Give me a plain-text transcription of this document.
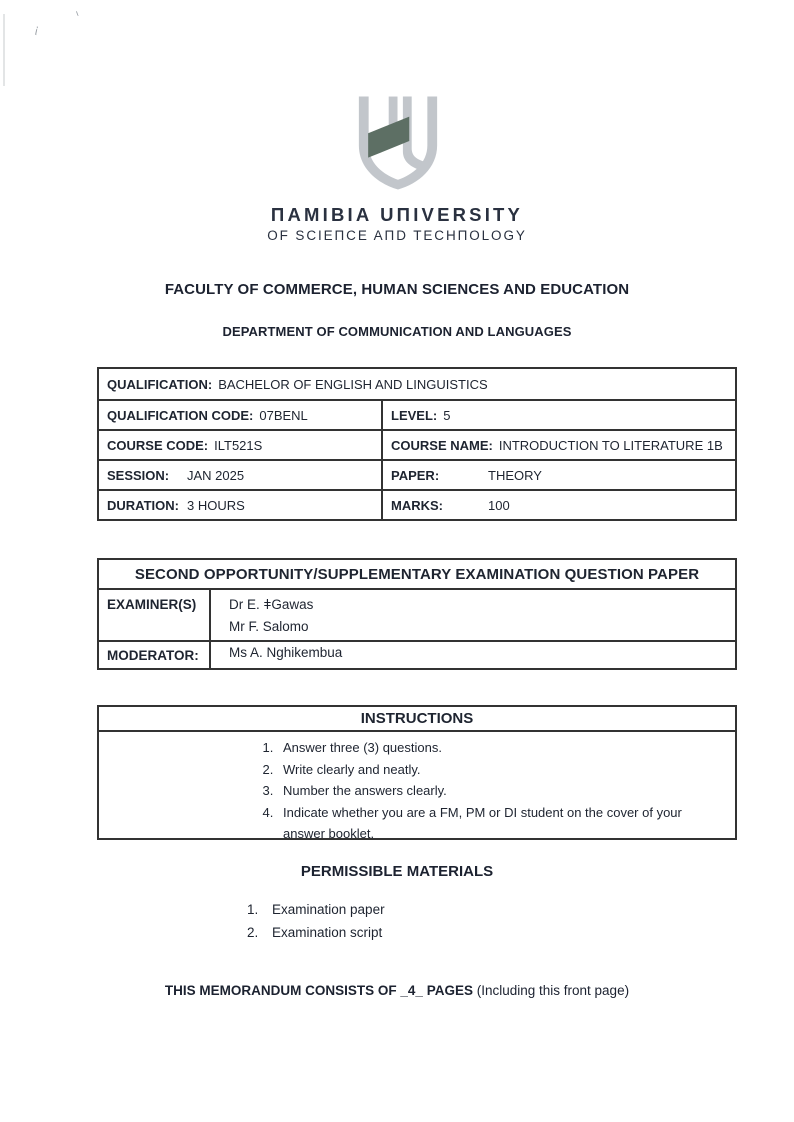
ι
ἰ
ΠAMIBIA UΠIVERSITY
OF SCIEΠCE AΠD TECHΠOLOGY
FACULTY OF COMMERCE, HUMAN SCIENCES AND EDUCATION
DEPARTMENT OF COMMUNICATION AND LANGUAGES
QUALIFICATION: BACHELOR OF ENGLISH AND LINGUISTICS
QUALIFICATION CODE: 07BENL	LEVEL: 5
COURSE CODE: ILT521S	COURSE NAME: INTRODUCTION TO LITERATURE 1B
SESSION: JAN 2025	PAPER:	THEORY
DURATION: 3 HOURS	MARKS:	100
SECOND OPPORTUNITY/SUPPLEMENTARY EXAMINATION QUESTION PAPER
EXAMINER(S)	Dr E. ǂGawas
Mr F. Salomo
MODERATOR:	Ms A. Nghikembua
INSTRUCTIONS
1. Answer three (3) questions.
2. Write clearly and neatly.
3. Number the answers clearly.
4. Indicate whether you are a FM, PM or DI student on the cover of your answer booklet.
PERMISSIBLE MATERIALS
1. Examination paper
2. Examination script
THIS MEMORANDUM CONSISTS OF _4_ PAGES (Including this front page)
